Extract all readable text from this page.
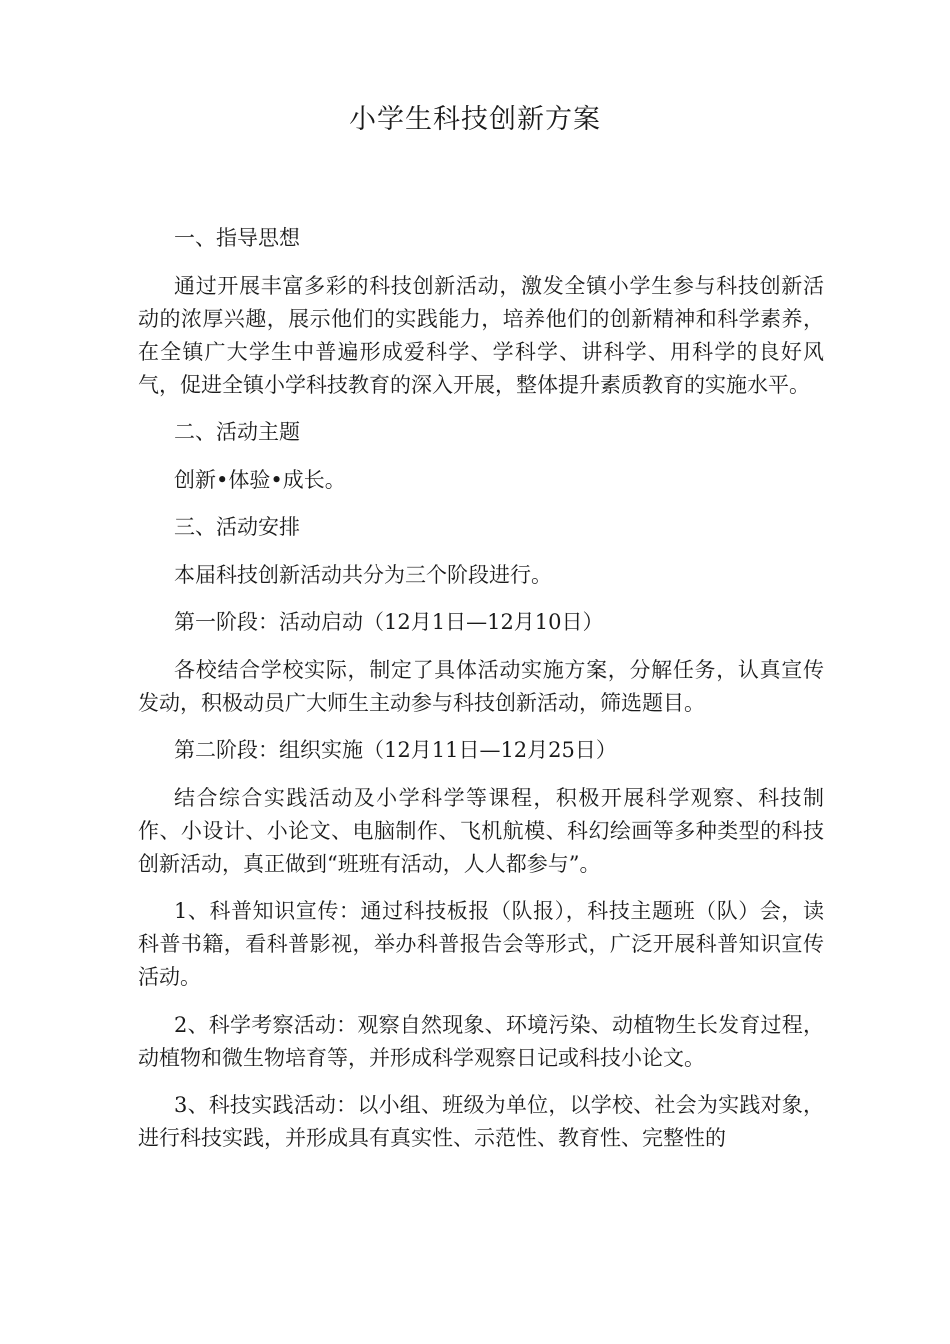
小学生科技创新方案

一、指导思想

通过开展丰富多彩的科技创新活动，激发全镇小学生参与科技创新活动的浓厚兴趣，展示他们的实践能力，培养他们的创新精神和科学素养，在全镇广大学生中普遍形成爱科学、学科学、讲科学、用科学的良好风气，促进全镇小学科技教育的深入开展，整体提升素质教育的实施水平。

二、活动主题

创新•体验•成长。

三、活动安排

本届科技创新活动共分为三个阶段进行。

第一阶段：活动启动（12月1日—12月10日）

各校结合学校实际，制定了具体活动实施方案，分解任务，认真宣传发动，积极动员广大师生主动参与科技创新活动，筛选题目。

第二阶段：组织实施（12月11日—12月25日）

结合综合实践活动及小学科学等课程，积极开展科学观察、科技制作、小设计、小论文、电脑制作、飞机航模、科幻绘画等多种类型的科技创新活动，真正做到“班班有活动，人人都参与”。

1、科普知识宣传：通过科技板报（队报），科技主题班（队）会，读科普书籍，看科普影视，举办科普报告会等形式，广泛开展科普知识宣传活动。

2、科学考察活动：观察自然现象、环境污染、动植物生长发育过程，动植物和微生物培育等，并形成科学观察日记或科技小论文。

3、科技实践活动：以小组、班级为单位，以学校、社会为实践对象，进行科技实践，并形成具有真实性、示范性、教育性、完整性的
